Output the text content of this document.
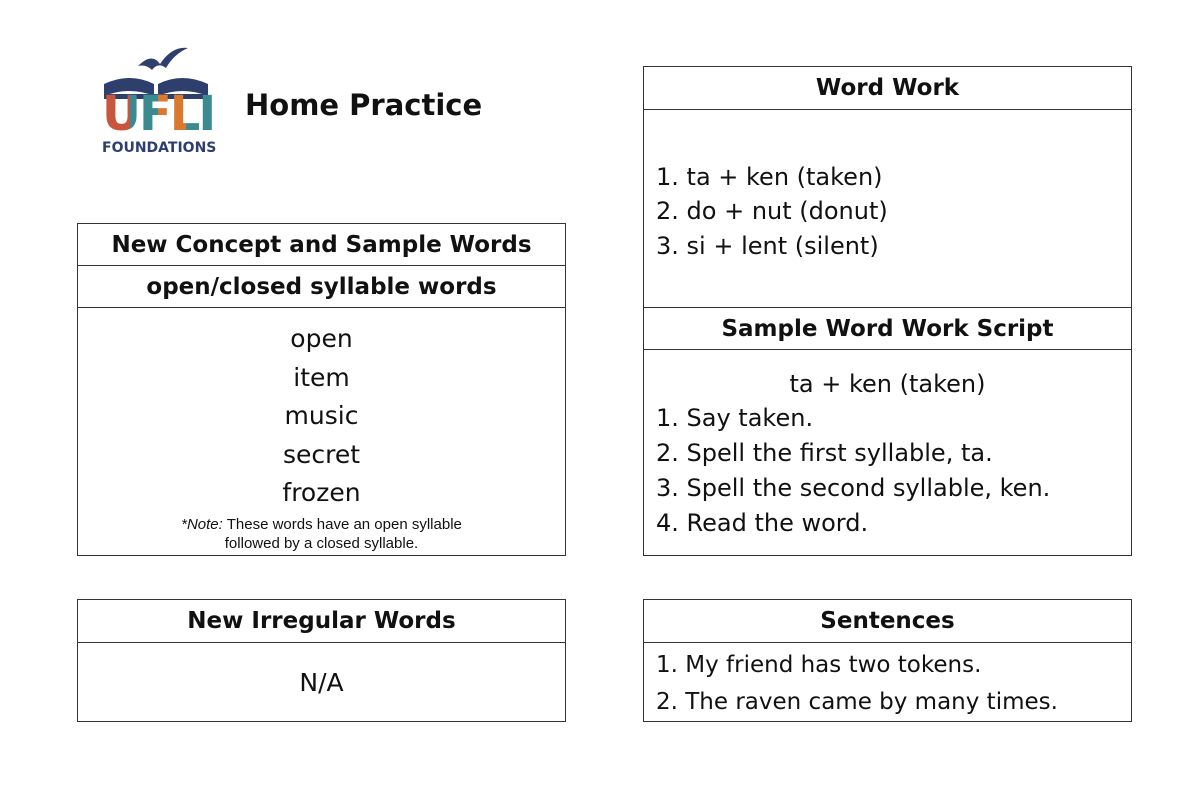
UFLI
FOUNDATIONS
Home Practice
New Concept and Sample Words
open/closed syllable words
open
item
music
secret
frozen
*Note: These words have an open syllable
followed by a closed syllable.
New Irregular Words
N/A
Word Work
1. ta + ken (taken)
2. do + nut (donut)
3. si + lent (silent)
Sample Word Work Script
ta + ken (taken)
1. Say taken.
2. Spell the first syllable, ta.
3. Spell the second syllable, ken.
4. Read the word.
Sentences
1. My friend has two tokens.
2. The raven came by many times.
